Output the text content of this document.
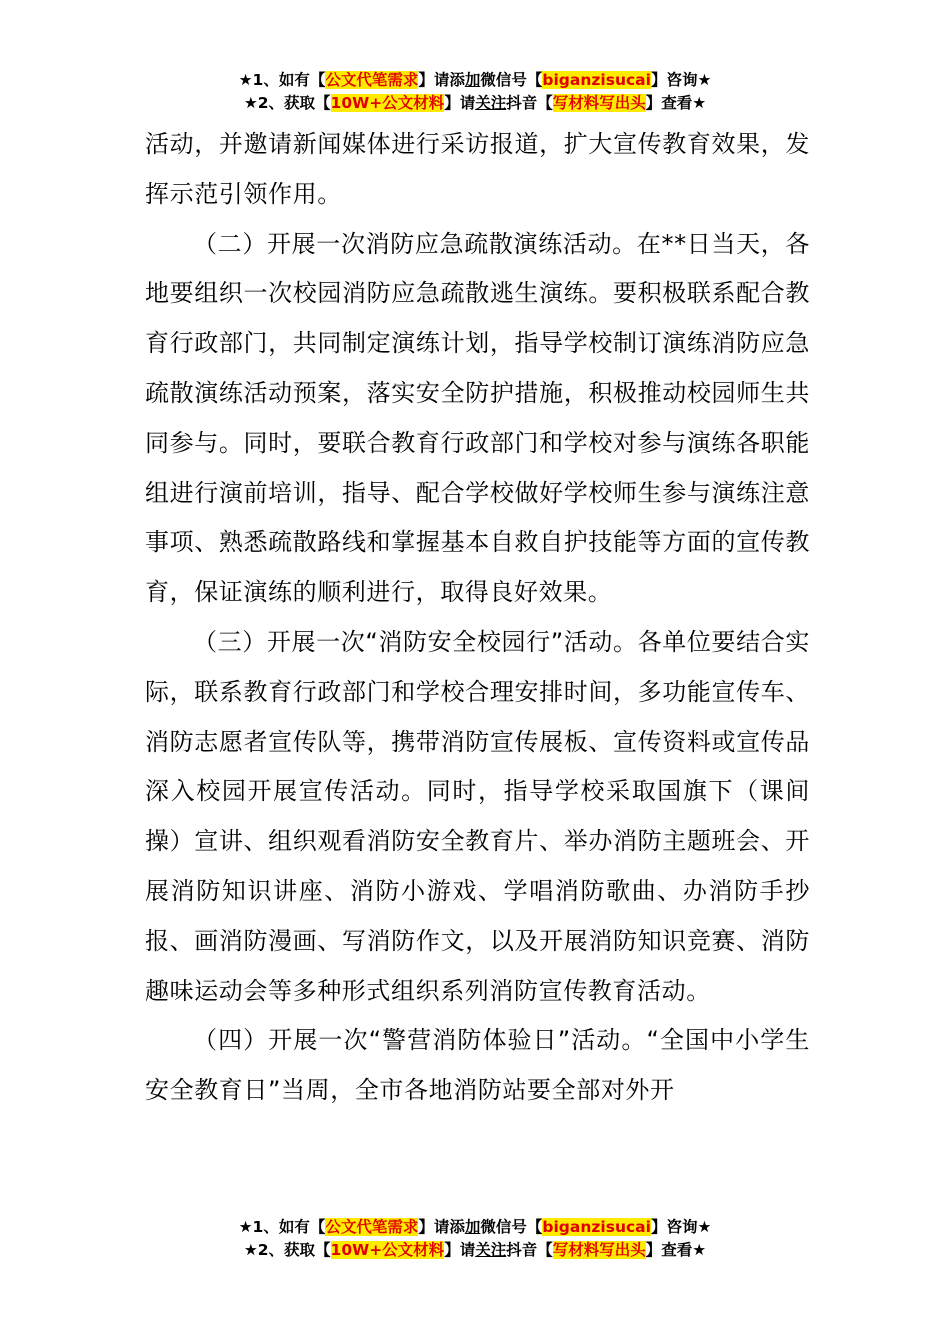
★1、如有【公文代笔需求】请添加微信号【biganzisucai】咨询★
★2、获取【10W+公文材料】请关注抖音【写材料写出头】查看★

活动，并邀请新闻媒体进行采访报道，扩大宣传教育效果，发挥示范引领作用。

（二）开展一次消防应急疏散演练活动。在**日当天，各地要组织一次校园消防应急疏散逃生演练。要积极联系配合教育行政部门，共同制定演练计划，指导学校制订演练消防应急疏散演练活动预案，落实安全防护措施，积极推动校园师生共同参与。同时，要联合教育行政部门和学校对参与演练各职能组进行演前培训，指导、配合学校做好学校师生参与演练注意事项、熟悉疏散路线和掌握基本自救自护技能等方面的宣传教育，保证演练的顺利进行，取得良好效果。

（三）开展一次“消防安全校园行”活动。各单位要结合实际，联系教育行政部门和学校合理安排时间，多功能宣传车、消防志愿者宣传队等，携带消防宣传展板、宣传资料或宣传品深入校园开展宣传活动。同时，指导学校采取国旗下（课间操）宣讲、组织观看消防安全教育片、举办消防主题班会、开展消防知识讲座、消防小游戏、学唱消防歌曲、办消防手抄报、画消防漫画、写消防作文，以及开展消防知识竞赛、消防趣味运动会等多种形式组织系列消防宣传教育活动。

（四）开展一次“警营消防体验日”活动。“全国中小学生安全教育日”当周，全市各地消防站要全部对外开

★1、如有【公文代笔需求】请添加微信号【biganzisucai】咨询★
★2、获取【10W+公文材料】请关注抖音【写材料写出头】查看★
